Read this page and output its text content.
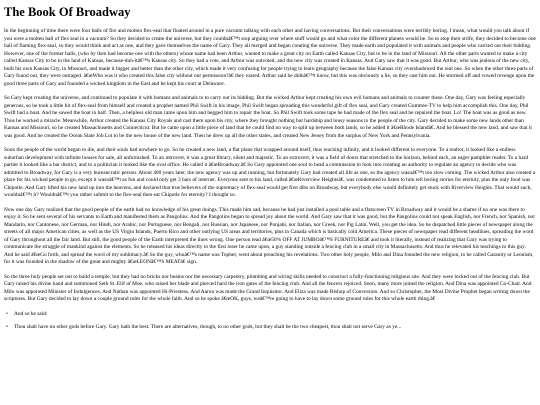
The Book Of Broadway

In the beginning of time there were four balls of fire and molten flex-seal that floated around in a pure vacuum talking with each other and having conversations. But their conversations were terribly boring. I mean, what would you talk about if you were a molten ball of flex seal in a vacuum? So they decided to create the universe, but they couldnâ€™t stop arguing over where stuff would go and what color the different planets would be. So to stop their strife, they decided to become one ball of flaming flex-seal, so they would think and act as one, and they gave themselves the name of Gary. They all merged and began creating the universe. They made earth and populated it with animals and people who carried out their bidding. However, one of the former balls, (who by then had become one with the others) whose name had been Arthur, wanted to make a great city on Earth called Kansas City, but to be in the land of Missouri. All the other parts wanted to make a city called Kansas City to be in the land of Kansas, because-duh-itâ€™s Kansas city. So they had a vote, and Arthur was outvoted, and the new city was created in Kansas. And Gary saw that it was good. But Arthur, who was jealous of the new city, built his own Kansas City, in Missouri, and made it bigger and better than the other city, which made it very confusing for people trying to learn geography because the false Kansas city overshadowed the real one. So when the other three parts of Gary found out, they were outraged. â€œWho was it who created this false city without our permission?â€ they roared. Arthur said he didnâ€™t know, but this was obviously a lie, so they cast him out. He stormed off and vowed revenge upon the good three parts of Gary and founded a wicked kingdom in the East and he kept his court at Delaware.

So Gary kept creating the universe, and continued to populate it with humans and animals to to carry out its bidding. But the wicked Arthur kept creating his own evil humans and animals to counter these. One day, Gary was feeling especially generous, so he took a little bit of flex-seal from himself and created a prophet named Phil Swift in his image. Phil Swift began spreading this wonderful gift of flex seal, and Gary created Gumtree-TV to help him accomplish this. One day, Phil Swift had a boat. And he sawed the boat in half. Then, a helpless old man came upon him and begged him to repair the boat. So Phil Swift took some tape he had made of the flex seal and he repaired the boat. Lo! The boat was as good as new. Thus he worked a miracle. Meanwhile, Arthur created the Kansas City Royals and cast them upon his city, where they brought nothing but hardship and lousy seasons to the people of the city. Gary decided to make some new lands other than Kansas and Missouri, so he created Massachusetts and Connecticut. But he came upon a little piece of land that he could find no way to split up between both lands, so he added it â€œRhode Islandâ€. And he blessed the new land, and saw that it was good. And he created the Ocean State Job Lot to be the new house of the new land. Then he drew up all the other states, and created New Jersey from the surplus of New York and Pennsylvania.

Soon the people of the world began to die, and their souls had nowhere to go. So he created a new land, a flat plane that wrapped around itself, thus reaching infinity, and it looked different to everyone. To a realtor, it looked like a endless suburban development with infinite houses for sale, all unfurnished. To an introvert, it was a great library, silent and majestic. To an extrovert, it was a field of doors that stretched to the horizon, behind each, an eager pamphlet reader. To a hard partier it looked like a bar district, and to a politician it looked like the oval office. He called it â€œBroadway.â€ So Gary appointed one soul to head a commission to look into creating an authority to regulate an agency to decide who was admitted to Broadway, for Gary is a very bureaucratic person. About 400 years later, the new agency was up and running, but fortunately Gary had created all life as one, so the agency wasnâ€™t too slow coming. The wicked Arthur also created a place for his wicked people to go, except it wasnâ€™t as fun and could only get 3 bars of internet. Everyone sent to his land, called â€œRiverview Heightsâ€, was condemned to listen to him tell boring stories for eternity, plus the only food was Chipotle. And Gary lifted his new land up into the heavens, and declared that true believers of the supremacy of flex-seal would get first dibs on Broadway, but everybody else would definitely get stuck with Riverview Heights. That would suck, wouldnâ€™t it? Wouldnâ€™t you rather submit to the flex-seal then eat Chipotle for eternity? I thought so.

Now one day Gary realized that the good people of the earth had no knowledge of his great doings. This made him sad, because he had just installed a pool table and a flatscreen TV in Broadway and it would be a shame if no one was there to enjoy it. So he sent several of his servants to Earth and manifested them as Pangolins. And the Pangolins began to spread joy about the world. And Gary saw that it was good, but the Pangolins could not speak English, nor French, nor Spanish, nor Mandarin, nor Cantonese, nor German, nor Hindi, nor Arabic, nor Portuguese, nor Bengali, nor Russian, nor Japanese, nor Punjabi, nor Italian, nor Greek, nor Pig Latin. Well, you get the idea. So he dispatched little pieces of newspaper along the streets of all major American cities, as well as the US Virgin Islands, Puerto Rico and other outlying US areas and territories, plus in Canada which is basically cold America. These pieces of newspaper read different headlines, spreading the word of Gary throughout all the fair land. But still, the good people of the Earth interpreted the lines wrong. One person read â€œ50% OFF AT JUMBOâ€™S FURNITUREâ€ and took it literally, instead of realizing that Gary was trying to communicate the struggle of mankind against the elements. So he released his ideas directly to the first loser he came upon, a guy standing outside a fencing club in a small city in Massachusetts. And thus he relevated his teachings to this guy. And he said â€œGo forth, and spread the word of my sublimacy.â€ So the guy, whoâ€™s name was Topher, went about preaching his revelations. Two other holy people, Milo and Dina founded the new religion, to be called Garanity or Leonism, for it was founded in the shadow of the great and mighty â€œLEONâ€™S MEATâ€ sign.

So the three holy people set out to build a temple, but they had no bricks nor beams nor the necessary carpentry, plumbing and wiring skills needed to construct a fully-functioning religious site. And they were locked out of the fencing club. But Gary raised his divine hand and summoned Seth St. Elif of Moe, who raised her blade and pierced hard the iron gates of the fencing club. And all the fencers rejoiced. Soon, many more joined the religion. And Dina was appointed Co-Chair. And Milo was appointed Minister of Indulgences. And Nathan was appointed Hi-Priestess. And Aaron was made the Grand Inquisitor. And Eliza was made Bishop of Conversion. And so Christopher, the Most Divine Prophet began writing down the scriptures. But Gary decided to lay down a couple ground rules for the whole faith. And so he spoke â€œOK, guys, weâ€™re going to have to lay down some ground rules for this whole earth thing.â€

• And so he said:
• Thou shalt have no other gods before Gary. Gary hath the best. There are alternatives, though, to no other gods, but they shalt be the two cheapest, thou shalt not serve Gary as ye...
